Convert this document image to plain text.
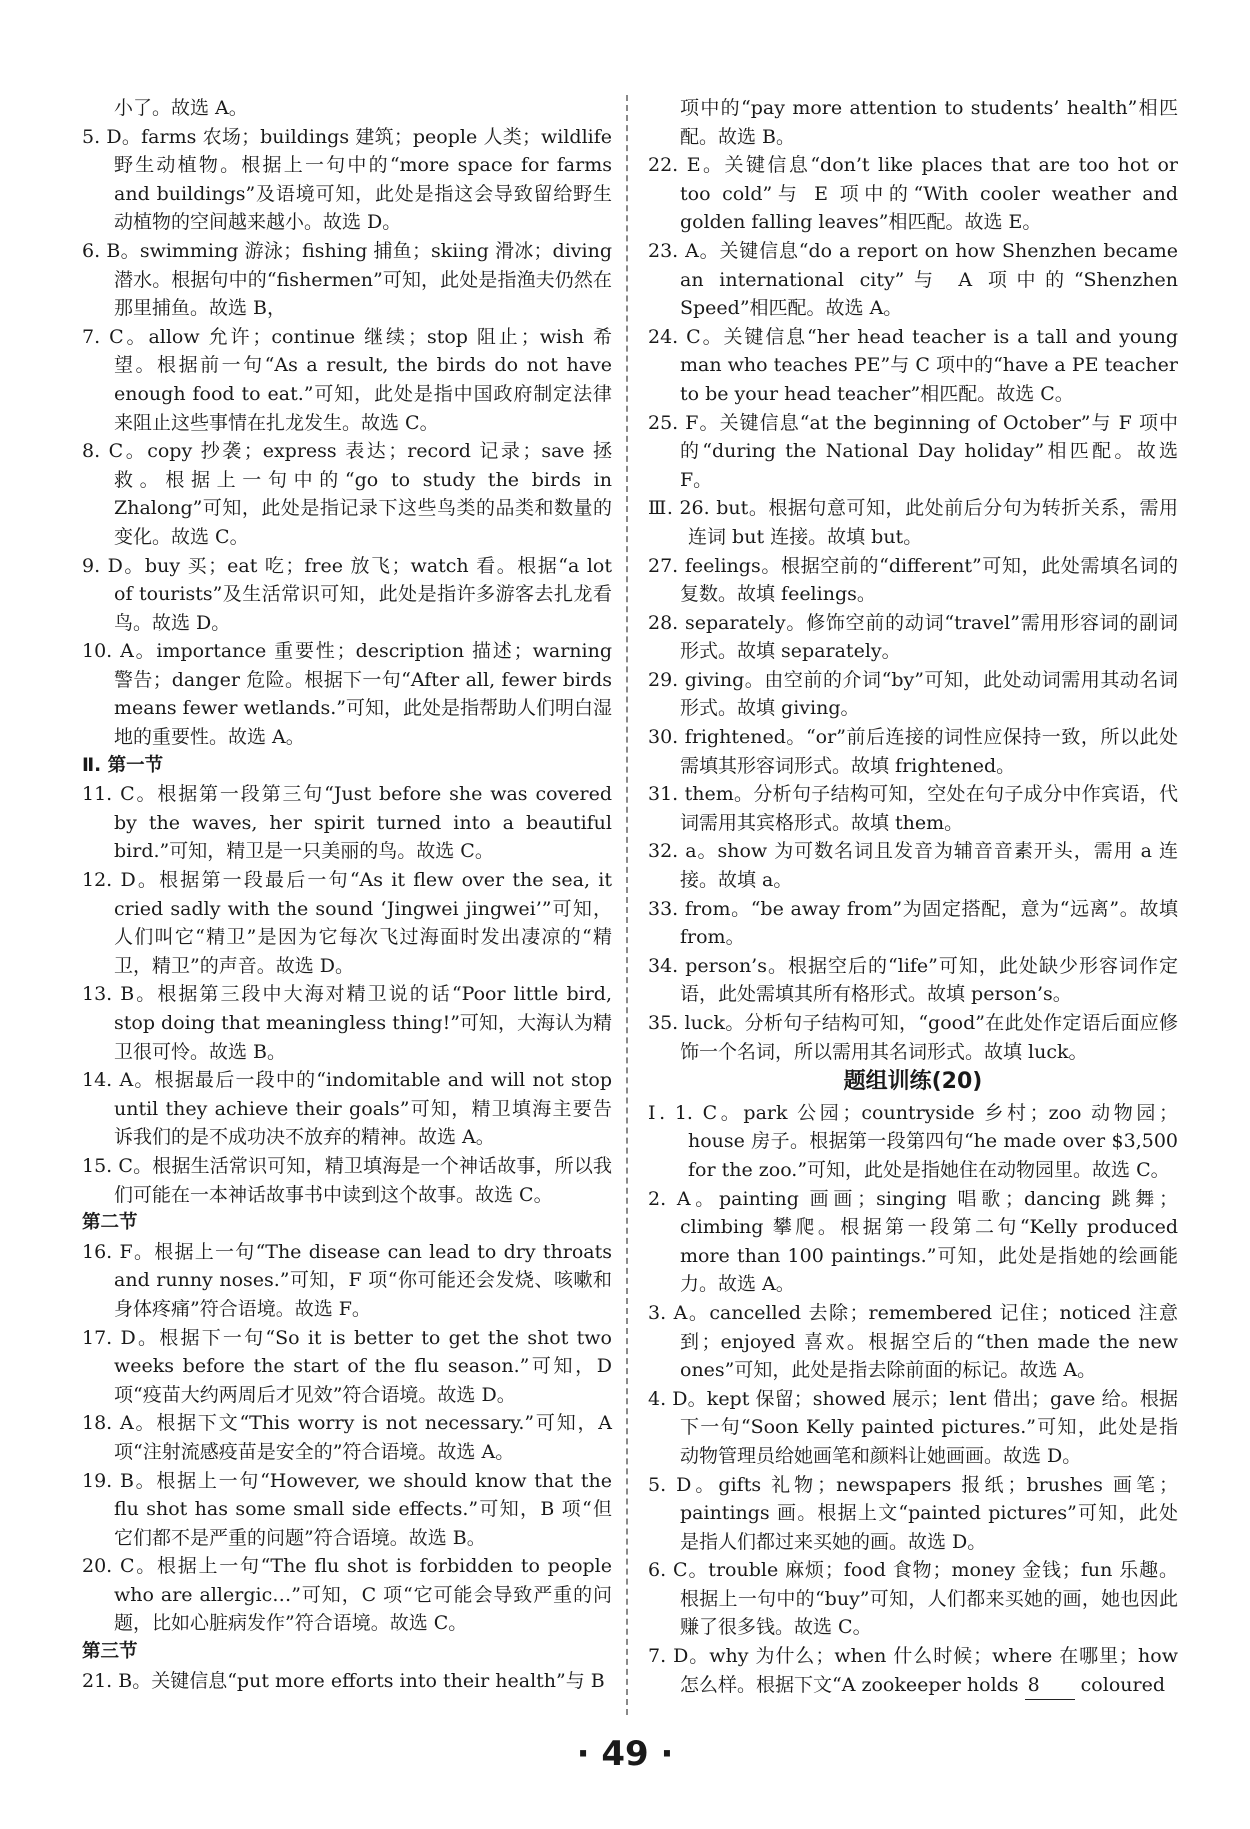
小了。故选 A。

5. D。farms 农场；buildings 建筑；people 人类；wildlife 野生动植物。根据上一句中的“more space for farms and buildings”及语境可知，此处是指这会导致留给野生动植物的空间越来越小。故选 D。

6. B。swimming 游泳；fishing 捕鱼；skiing 滑冰；diving 潜水。根据句中的“fishermen”可知，此处是指渔夫仍然在那里捕鱼。故选 B，

7. C。allow 允许；continue 继续；stop 阻止；wish 希望。根据前一句“As a result, the birds do not have enough food to eat.”可知，此处是指中国政府制定法律来阻止这些事情在扎龙发生。故选 C。

8. C。copy 抄袭；express 表达；record 记录；save 拯救。根据上一句中的“go to study the birds in Zhalong”可知，此处是指记录下这些鸟类的品类和数量的变化。故选 C。

9. D。buy 买；eat 吃；free 放飞；watch 看。根据“a lot of tourists”及生活常识可知，此处是指许多游客去扎龙看鸟。故选 D。

10. A。importance 重要性；description 描述；warning 警告；danger 危险。根据下一句“After all, fewer birds means fewer wetlands.”可知，此处是指帮助人们明白湿地的重要性。故选 A。

Ⅱ. 第一节

11. C。根据第一段第三句“Just before she was covered by the waves, her spirit turned into a beautiful bird.”可知，精卫是一只美丽的鸟。故选 C。

12. D。根据第一段最后一句“As it flew over the sea, it cried sadly with the sound ‘Jingwei jingwei’”可知，人们叫它“精卫”是因为它每次飞过海面时发出凄凉的“精卫，精卫”的声音。故选 D。

13. B。根据第三段中大海对精卫说的话“Poor little bird, stop doing that meaningless thing!”可知，大海认为精卫很可怜。故选 B。

14. A。根据最后一段中的“indomitable and will not stop until they achieve their goals”可知，精卫填海主要告诉我们的是不成功决不放弃的精神。故选 A。

15. C。根据生活常识可知，精卫填海是一个神话故事，所以我们可能在一本神话故事书中读到这个故事。故选 C。

第二节

16. F。根据上一句“The disease can lead to dry throats and runny noses.”可知，F 项“你可能还会发烧、咳嗽和身体疼痛”符合语境。故选 F。

17. D。根据下一句“So it is better to get the shot two weeks before the start of the flu season.”可知，D 项“疫苗大约两周后才见效”符合语境。故选 D。

18. A。根据下文“This worry is not necessary.”可知，A 项“注射流感疫苗是安全的”符合语境。故选 A。

19. B。根据上一句“However, we should know that the flu shot has some small side effects.”可知，B 项“但它们都不是严重的问题”符合语境。故选 B。

20. C。根据上一句“The flu shot is forbidden to people who are allergic…”可知，C 项“它可能会导致严重的问题，比如心脏病发作”符合语境。故选 C。

第三节

21. B。关键信息“put more efforts into their health”与 B

项中的“pay more attention to students’ health”相匹配。故选 B。

22. E。关键信息“don’t like places that are too hot or too cold”与 E 项中的“With cooler weather and golden falling leaves”相匹配。故选 E。

23. A。关键信息“do a report on how Shenzhen became an international city”与 A 项中的“Shenzhen Speed”相匹配。故选 A。

24. C。关键信息“her head teacher is a tall and young man who teaches PE”与 C 项中的“have a PE teacher to be your head teacher”相匹配。故选 C。

25. F。关键信息“at the beginning of October”与 F 项中的“during the National Day holiday”相匹配。故选 F。

Ⅲ. 26. but。根据句意可知，此处前后分句为转折关系，需用连词 but 连接。故填 but。

27. feelings。根据空前的“different”可知，此处需填名词的复数。故填 feelings。

28. separately。修饰空前的动词“travel”需用形容词的副词形式。故填 separately。

29. giving。由空前的介词“by”可知，此处动词需用其动名词形式。故填 giving。

30. frightened。“or”前后连接的词性应保持一致，所以此处需填其形容词形式。故填 frightened。

31. them。分析句子结构可知，空处在句子成分中作宾语，代词需用其宾格形式。故填 them。

32. a。show 为可数名词且发音为辅音音素开头，需用 a 连接。故填 a。

33. from。“be away from”为固定搭配，意为“远离”。故填 from。

34. person’s。根据空后的“life”可知，此处缺少形容词作定语，此处需填其所有格形式。故填 person’s。

35. luck。分析句子结构可知，“good”在此处作定语后面应修饰一个名词，所以需用其名词形式。故填 luck。

题组训练(20)

Ⅰ. 1. C。park 公园；countryside 乡村；zoo 动物园；house 房子。根据第一段第四句“he made over $3,500 for the zoo.”可知，此处是指她住在动物园里。故选 C。

2. A。painting 画画；singing 唱歌；dancing 跳舞；climbing 攀爬。根据第一段第二句“Kelly produced more than 100 paintings.”可知，此处是指她的绘画能力。故选 A。

3. A。cancelled 去除；remembered 记住；noticed 注意到；enjoyed 喜欢。根据空后的“then made the new ones”可知，此处是指去除前面的标记。故选 A。

4. D。kept 保留；showed 展示；lent 借出；gave 给。根据下一句“Soon Kelly painted pictures.”可知，此处是指动物管理员给她画笔和颜料让她画画。故选 D。

5. D。gifts 礼物；newspapers 报纸；brushes 画笔；paintings 画。根据上文“painted pictures”可知，此处是指人们都过来买她的画。故选 D。

6. C。trouble 麻烦；food 食物；money 金钱；fun 乐趣。根据上一句中的“buy”可知，人们都来买她的画，她也因此赚了很多钱。故选 C。

7. D。why 为什么；when 什么时候；where 在哪里；how 怎么样。根据下文“A zookeeper holds 8 coloured

· 49 ·
